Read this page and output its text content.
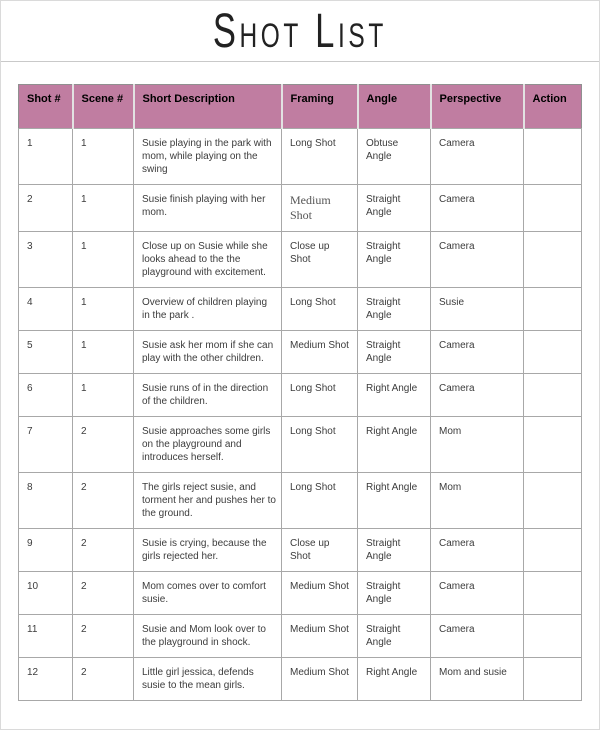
Shot List
Shot #	Scene #	Short Description	Framing	Angle	Perspective	Action
1	1	Susie playing in the park with mom, while playing on the swing	Long Shot	Obtuse Angle	Camera	
2	1	Susie finish playing with her mom.	Medium Shot	Straight Angle	Camera	
3	1	Close up on Susie while she looks ahead to the the playground with excitement.	Close up Shot	Straight Angle	Camera	
4	1	Overview of children playing in the park .	Long Shot	Straight Angle	Susie	
5	1	Susie ask her mom if she can play with the other children.	Medium Shot	Straight Angle	Camera	
6	1	Susie runs of in the direction of the children.	Long Shot	Right Angle	Camera	
7	2	Susie approaches some girls on the playground and introduces herself.	Long Shot	Right Angle	Mom	
8	2	The girls reject susie, and torment her and pushes her to the ground.	Long Shot	Right Angle	Mom	
9	2	Susie is crying, because the girls rejected her.	Close up Shot	Straight Angle	Camera	
10	2	Mom comes over to comfort susie.	Medium Shot	Straight Angle	Camera	
11	2	Susie and Mom look over to the playground in shock.	Medium Shot	Straight Angle	Camera	
12	2	Little girl jessica, defends susie to the mean girls.	Medium Shot	Right Angle	Mom and susie	
